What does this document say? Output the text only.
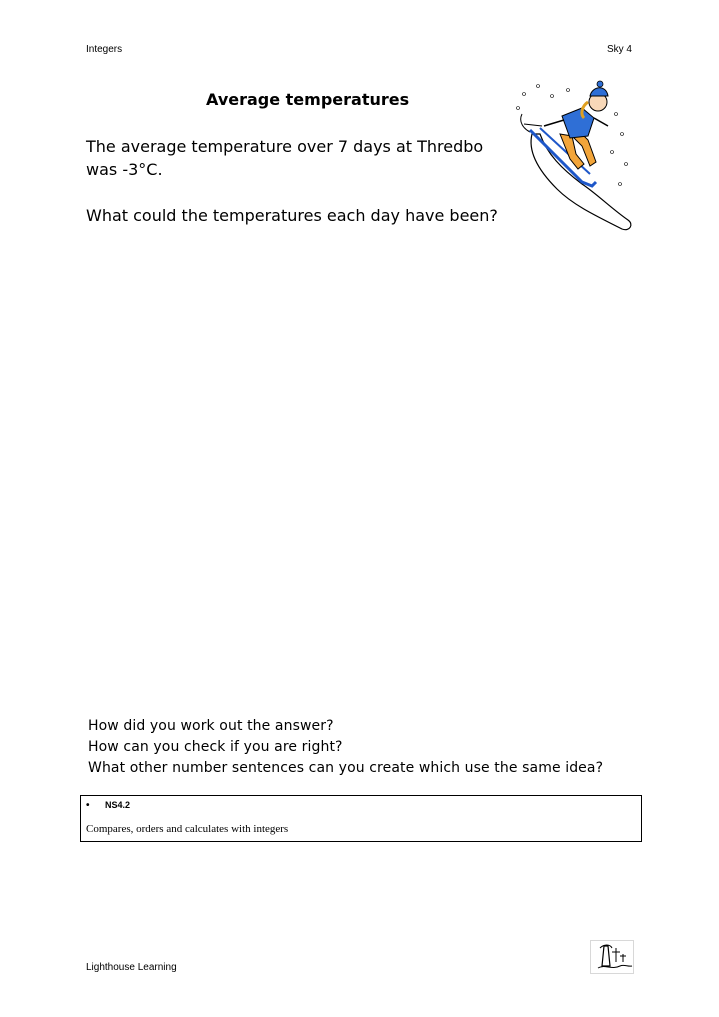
Integers	Sky 4
Average temperatures
The average temperature over 7 days at Thredbo was -3°C.
What could the temperatures each day have been?
How did you work out the answer?
How can you check if you are right?
What other number sentences can you create which use the same idea?
• NS4.2
Compares, orders and calculates with integers
Lighthouse Learning
